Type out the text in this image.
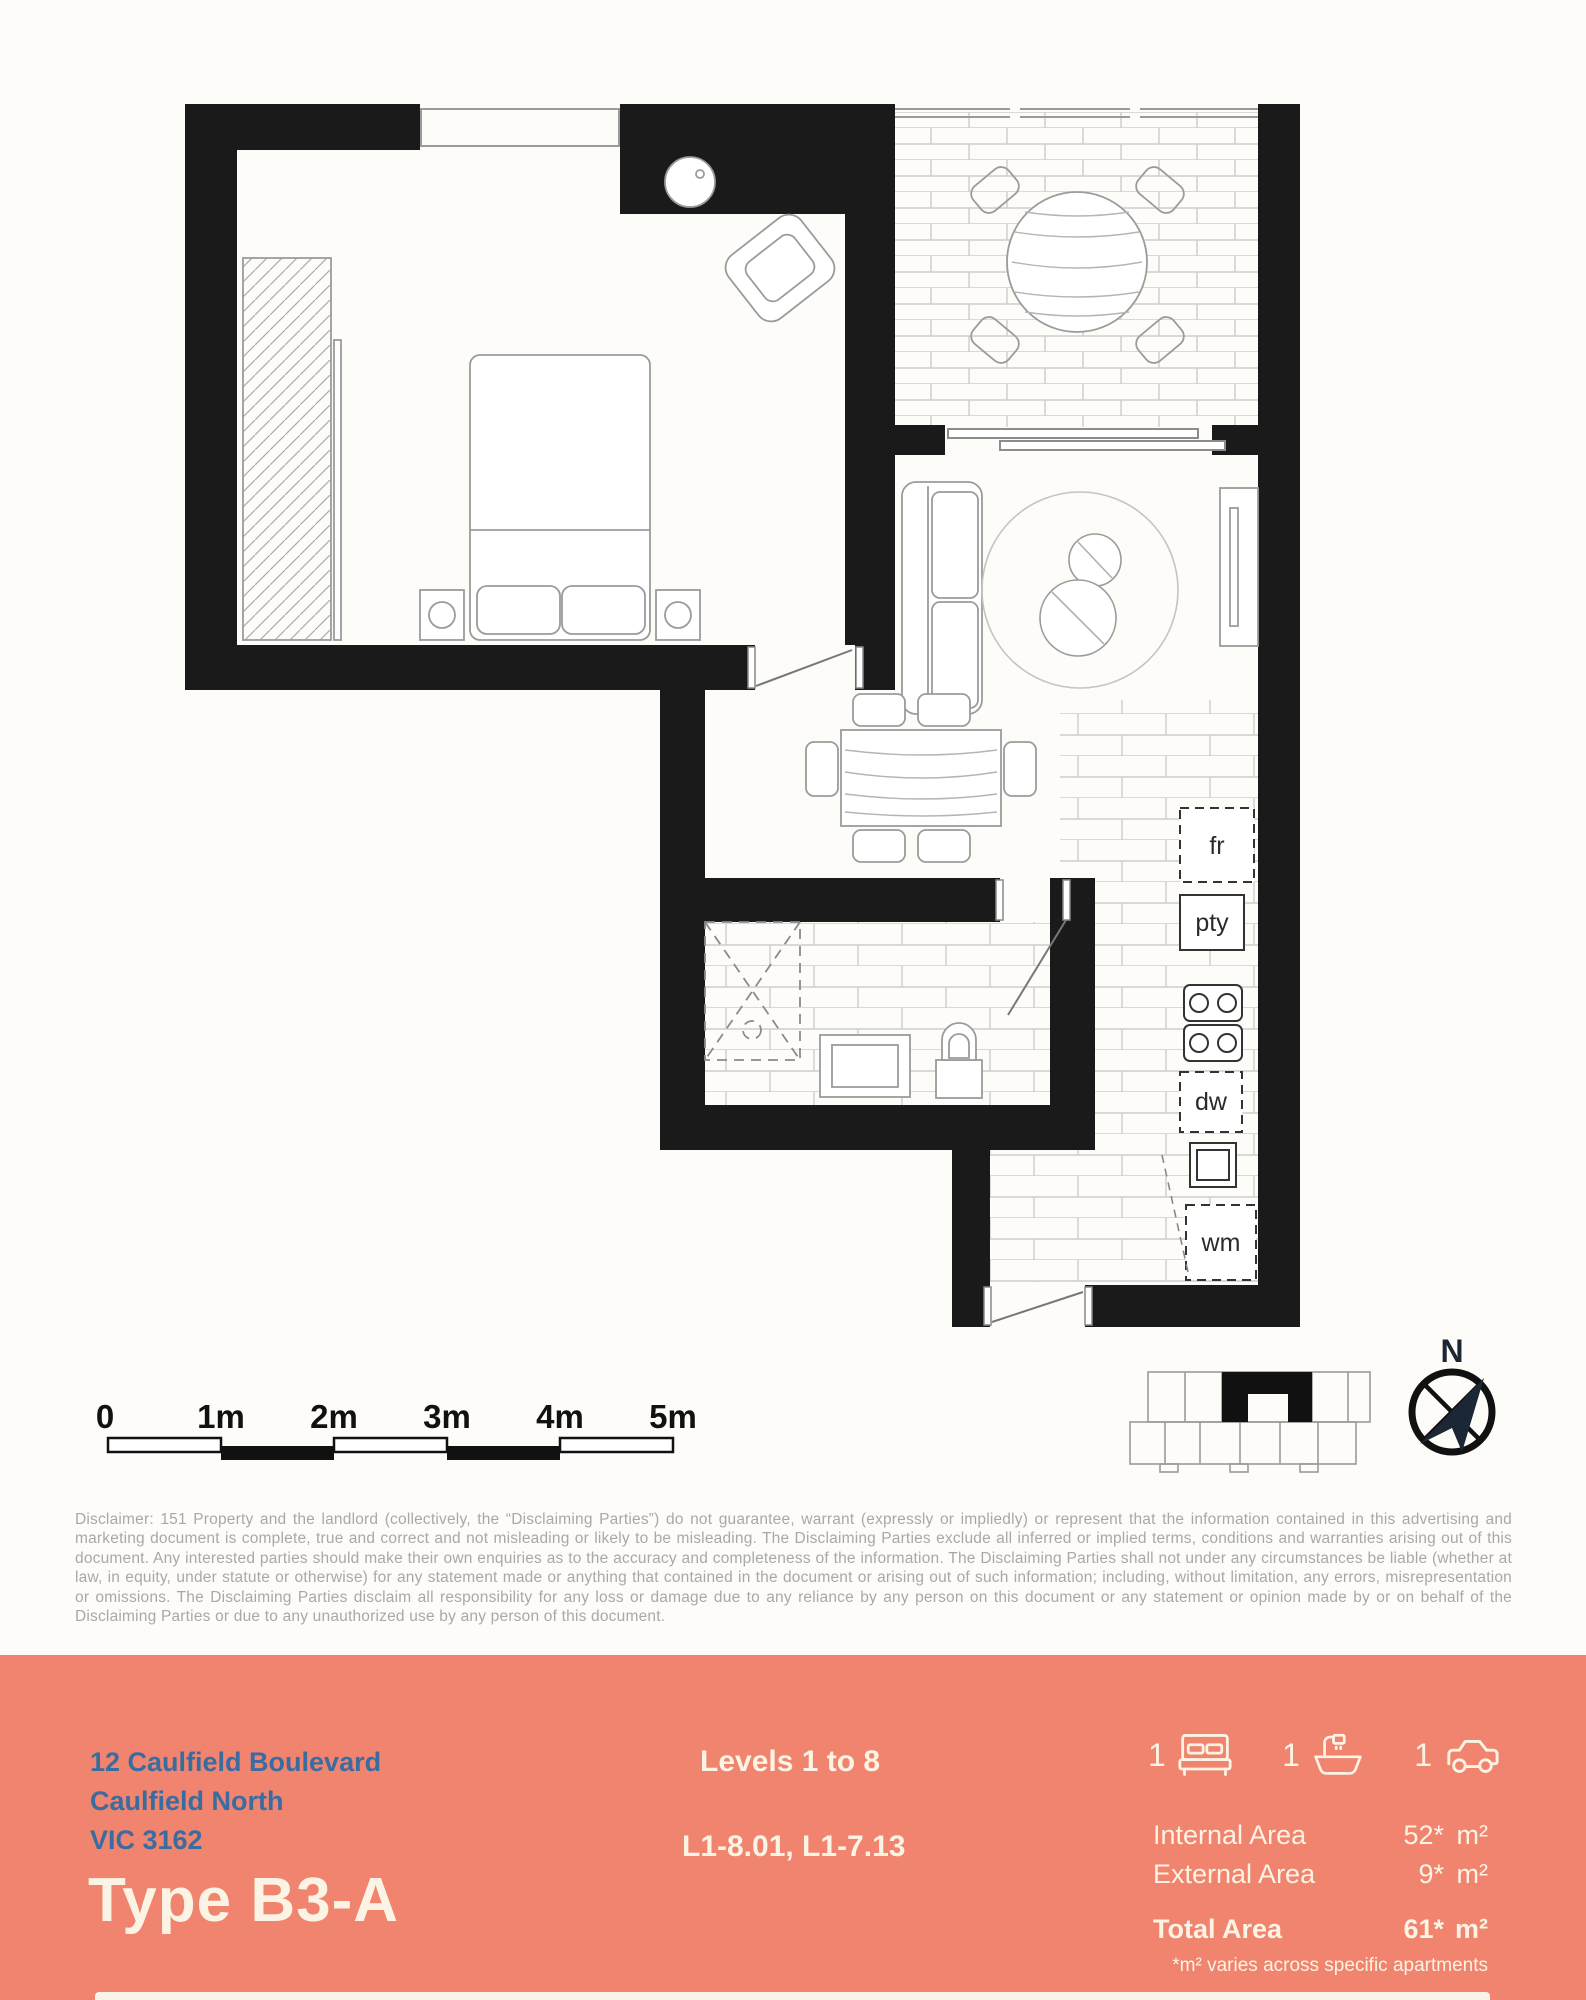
fr
pty
dw
wm
0	1m 2m 3m 4m 5m
N

Disclaimer: 151 Property and the landlord (collectively, the “Disclaiming Parties”) do not guarantee, warrant (expressly or impliedly) or represent that the information contained in this advertising and marketing document is complete, true and correct and not misleading or likely to be misleading. The Disclaiming Parties exclude all inferred or implied terms, conditions and warranties arising out of this document. Any interested parties should make their own enquiries as to the accuracy and completeness of the information. The Disclaiming Parties shall not under any circumstances be liable (whether at law, in equity, under statute or otherwise) for any statement made or anything that contained in the document or arising out of such information; including, without limitation, any errors, misrepresentation or omissions. The Disclaiming Parties disclaim all responsibility for any loss or damage due to any reliance by any person on this document or any statement or opinion made by or on behalf of the Disclaiming Parties or due to any unauthorized use by any person of this document.

12 Caulfield Boulevard
Caulfield North
VIC 3162
Type B3-A
Levels 1 to 8
L1-8.01, L1-7.13
1	1	1
Internal Area	52* m²
External Area	9* m²
Total Area	61* m²
*m² varies across specific apartments
